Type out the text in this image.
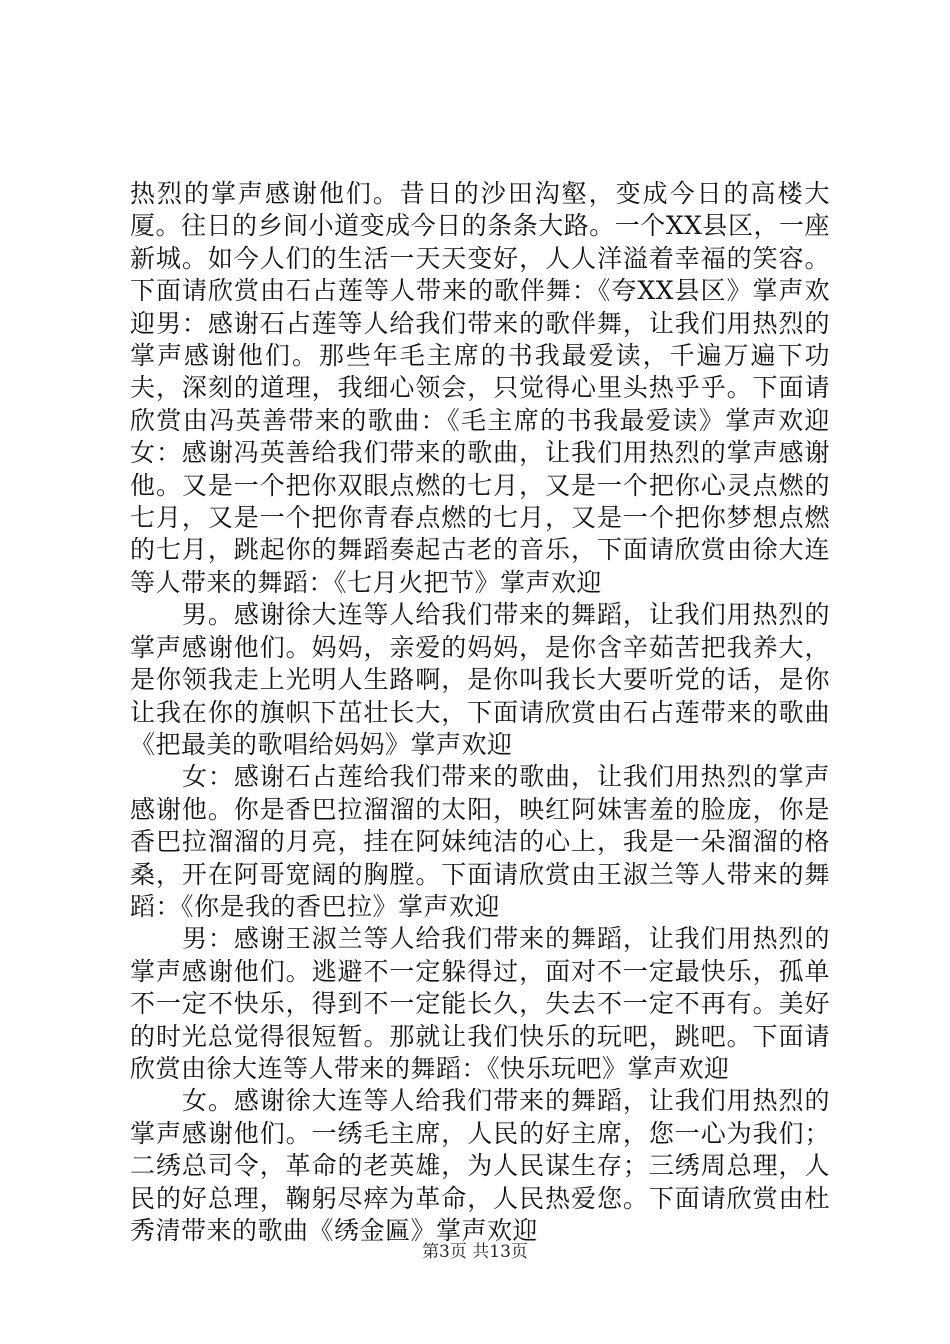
热烈的掌声感谢他们。昔日的沙田沟壑，变成今日的高楼大厦。往日的乡间小道变成今日的条条大路。一个XX县区，一座新城。如今人们的生活一天天变好，人人洋溢着幸福的笑容。下面请欣赏由石占莲等人带来的歌伴舞：《夸XX县区》掌声欢迎男：感谢石占莲等人给我们带来的歌伴舞，让我们用热烈的掌声感谢他们。那些年毛主席的书我最爱读，千遍万遍下功夫，深刻的道理，我细心领会，只觉得心里头热乎乎。下面请欣赏由冯英善带来的歌曲：《毛主席的书我最爱读》掌声欢迎女：感谢冯英善给我们带来的歌曲，让我们用热烈的掌声感谢他。又是一个把你双眼点燃的七月，又是一个把你心灵点燃的七月，又是一个把你青春点燃的七月，又是一个把你梦想点燃的七月，跳起你的舞蹈奏起古老的音乐，下面请欣赏由徐大连等人带来的舞蹈：《七月火把节》掌声欢迎

男。感谢徐大连等人给我们带来的舞蹈，让我们用热烈的掌声感谢他们。妈妈，亲爱的妈妈，是你含辛茹苦把我养大，是你领我走上光明人生路啊，是你叫我长大要听党的话，是你让我在你的旗帜下茁壮长大，下面请欣赏由石占莲带来的歌曲《把最美的歌唱给妈妈》掌声欢迎

女：感谢石占莲给我们带来的歌曲，让我们用热烈的掌声感谢他。你是香巴拉溜溜的太阳，映红阿妹害羞的脸庞，你是香巴拉溜溜的月亮，挂在阿妹纯洁的心上，我是一朵溜溜的格桑，开在阿哥宽阔的胸膛。下面请欣赏由王淑兰等人带来的舞蹈：《你是我的香巴拉》掌声欢迎

男：感谢王淑兰等人给我们带来的舞蹈，让我们用热烈的掌声感谢他们。逃避不一定躲得过，面对不一定最快乐，孤单不一定不快乐，得到不一定能长久，失去不一定不再有。美好的时光总觉得很短暂。那就让我们快乐的玩吧，跳吧。下面请欣赏由徐大连等人带来的舞蹈：《快乐玩吧》掌声欢迎

女。感谢徐大连等人给我们带来的舞蹈，让我们用热烈的掌声感谢他们。一绣毛主席，人民的好主席，您一心为我们；二绣总司令，革命的老英雄，为人民谋生存；三绣周总理，人民的好总理，鞠躬尽瘁为革命，人民热爱您。下面请欣赏由杜秀清带来的歌曲《绣金匾》掌声欢迎

第3页 共13页
